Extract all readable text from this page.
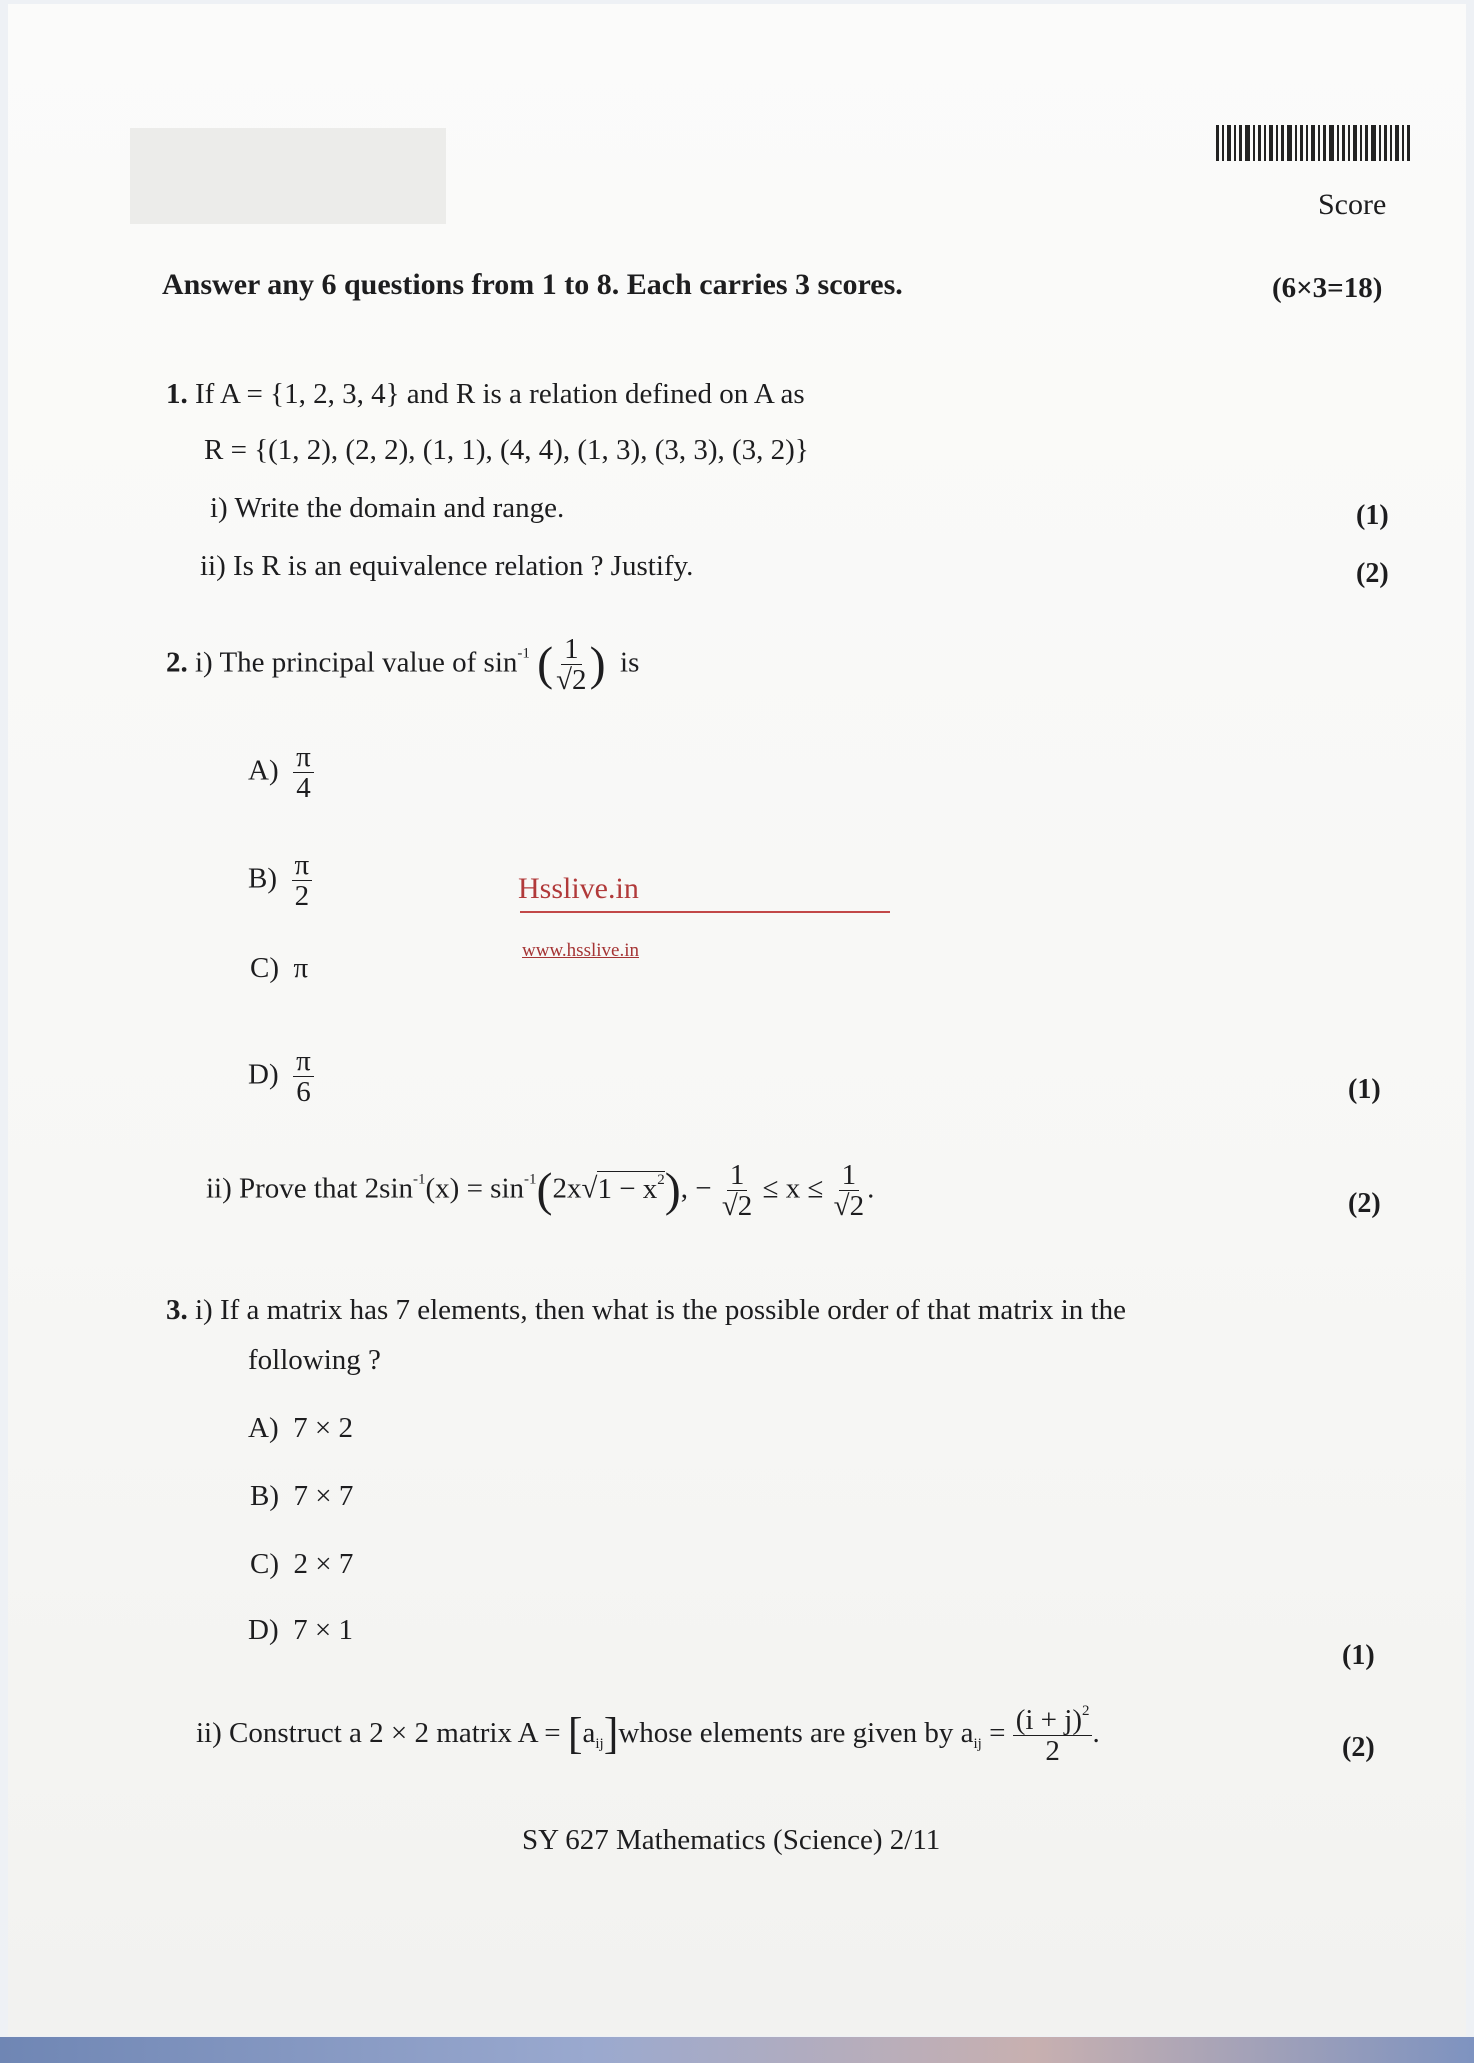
Score
Answer any 6 questions from 1 to 8. Each carries 3 scores.	(6×3=18)
1. If A = {1, 2, 3, 4} and R is a relation defined on A as
R = {(1, 2), (2, 2), (1, 1), (4, 4), (1, 3), (3, 3), (3, 2)}
i) Write the domain and range.	(1)
ii) Is R is an equivalence relation ? Justify.	(2)
2. i) The principal value of $\sin^{-1}$ ( $\frac{1}{√2}$ ) is
$A) \frac{\pi}{4}$
$B) \frac{\pi}{2}$
C) π
$D) \frac{\pi}{6}$	(1)
ii) Prove that $2\sin^{-1}(x) = \sin^{-1}(2x√1 - x^2)$, − $\frac{1}{√2} \le x \le \frac{1}{√2}$ .	(2)
Hsslive.in
www.hsslive.in
3. i) If a matrix has 7 elements, then what is the possible order of that matrix in the
following ?
A) 7 × 2
B) 7 × 7
C) 2 × 7
D) 7 × 1
(1)
ii) Construct a 2 × 2 matrix $A = [a_{ij}]whose$ elements are given by $a_{ij} = \frac{(i + j)^2}{2}$ .	(2)
SY 627 Mathematics (Science) 2/11
